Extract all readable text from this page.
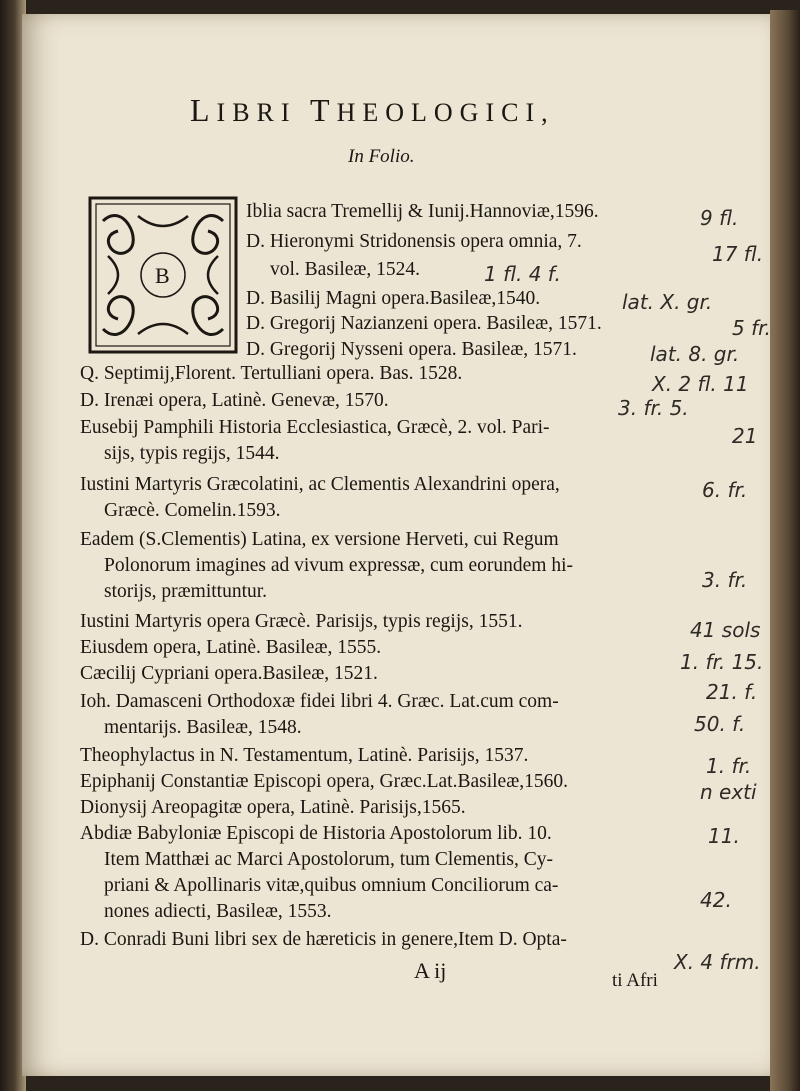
LIBRI THEOLOGICI,
In Folio.
B
Iblia sacra Tremellij & Iunij.Hannoviæ,1596.
D. Hieronymi Stridonensis opera omnia, 7.
vol. Basileæ, 1524.
D. Basilij Magni opera.Basileæ,1540.
D. Gregorij Nazianzeni opera. Basileæ, 1571.
D. Gregorij Nysseni opera. Basileæ, 1571.
Q. Septimij,Florent. Tertulliani opera. Bas. 1528.
D. Irenæi opera, Latinè. Genevæ, 1570.
Eusebij Pamphili Historia Ecclesiastica, Græcè, 2. vol. Pari-
sijs, typis regijs, 1544.
Iustini Martyris Græcolatini, ac Clementis Alexandrini opera,
Græcè. Comelin.1593.
Eadem (S.Clementis) Latina, ex versione Herveti, cui Regum
Polonorum imagines ad vivum expressæ, cum eorundem hi-
storijs, præmittuntur.
Iustini Martyris opera Græcè. Parisijs, typis regijs, 1551.
Eiusdem opera, Latinè. Basileæ, 1555.
Cæcilij Cypriani opera.Basileæ, 1521.
Ioh. Damasceni Orthodoxæ fidei libri 4. Græc. Lat.cum com-
mentarijs. Basileæ, 1548.
Theophylactus in N. Testamentum, Latinè. Parisijs, 1537.
Epiphanij Constantiæ Episcopi opera, Græc.Lat.Basileæ,1560.
Dionysij Areopagitæ opera, Latinè. Parisijs,1565.
Abdiæ Babyloniæ Episcopi de Historia Apostolorum lib. 10.
Item Matthæi ac Marci Apostolorum, tum Clementis, Cy-
priani & Apollinaris vitæ,quibus omnium Conciliorum ca-
nones adiecti, Basileæ, 1553.
D. Conradi Buni libri sex de hæreticis in genere,Item D. Opta-
A ij	ti Afri
9 fl.
17 fl.
1 fl. 4 f.
lat. X. gr.
5 fr.
lat. 8. gr.
X. 2 fl. 11
3. fr. 5.
21
6. fr.
3. fr.
41 sols
1. fr. 15.
21. f.
50. f.
1. fr.
n exti
11.
42.
X. 4 frm.
